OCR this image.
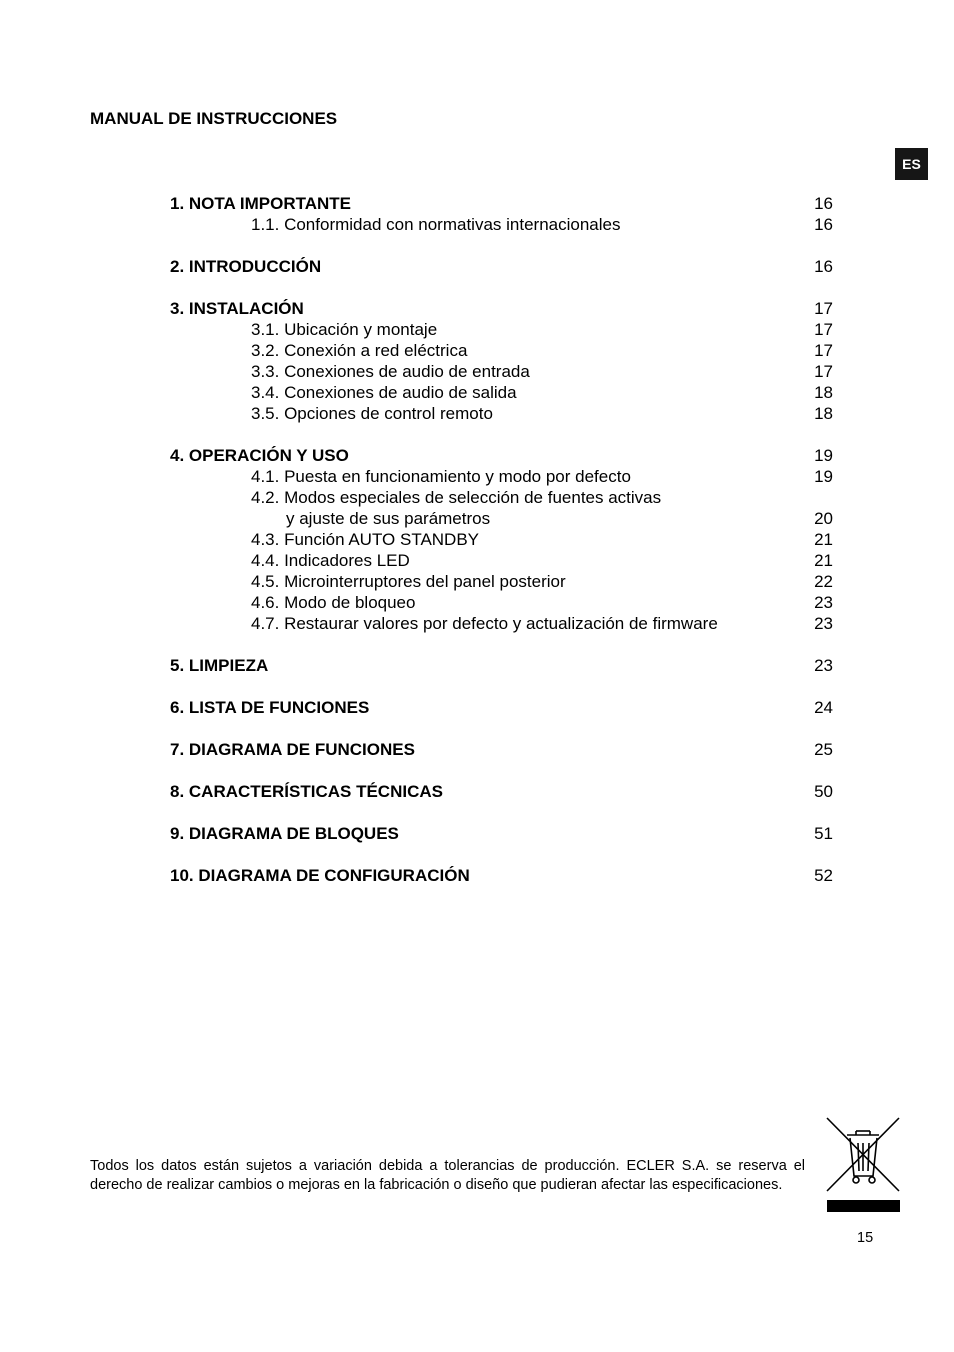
MANUAL DE INSTRUCCIONES
ES
1. NOTA IMPORTANTE	16
1.1. Conformidad con normativas internacionales	16
2. INTRODUCCIÓN	16
3. INSTALACIÓN	17
3.1. Ubicación y montaje	17
3.2. Conexión a red eléctrica	17
3.3. Conexiones de audio de entrada	17
3.4. Conexiones de audio de salida	18
3.5. Opciones de control remoto	18
4. OPERACIÓN Y USO	19
4.1. Puesta en funcionamiento y modo por defecto	19
4.2. Modos especiales de selección de fuentes activas
y ajuste de sus parámetros	20
4.3. Función AUTO STANDBY	21
4.4. Indicadores LED	21
4.5. Microinterruptores del panel posterior	22
4.6. Modo de bloqueo	23
4.7. Restaurar valores por defecto y actualización de firmware	23
5. LIMPIEZA	23
6. LISTA DE FUNCIONES	24
7. DIAGRAMA DE FUNCIONES	25
8. CARACTERÍSTICAS TÉCNICAS	50
9. DIAGRAMA DE BLOQUES	51
10. DIAGRAMA DE CONFIGURACIÓN	52
Todos los datos están sujetos a variación debida a tolerancias de producción. ECLER S.A. se reserva el derecho de realizar cambios o mejoras en la fabricación o diseño que pudieran afectar las especificaciones.
15
